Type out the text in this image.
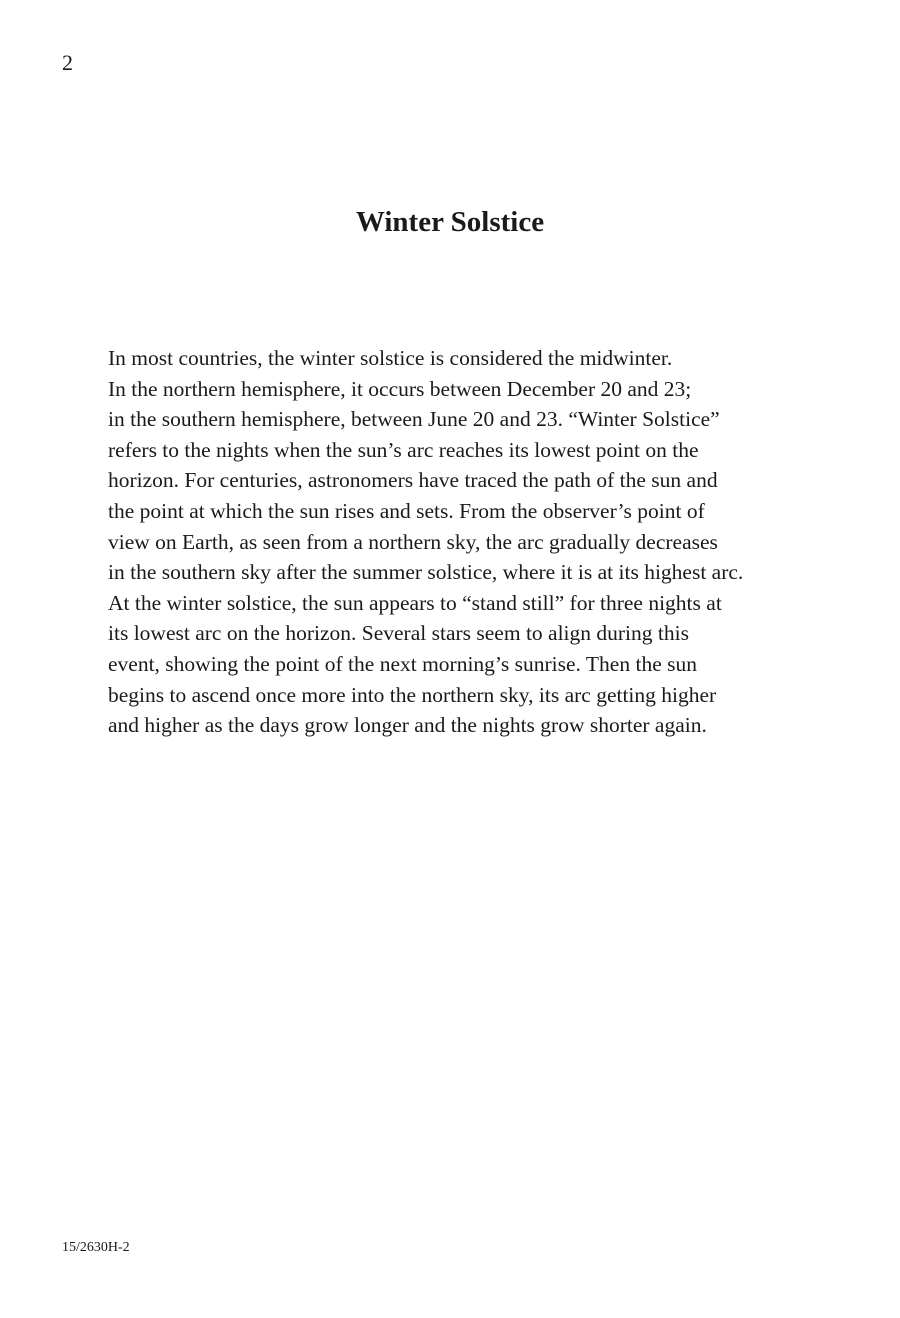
2
Winter Solstice
In most countries, the winter solstice is considered the midwinter.
In the northern hemisphere, it occurs between December 20 and 23;
in the southern hemisphere, between June 20 and 23. “Winter Solstice”
refers to the nights when the sun’s arc reaches its lowest point on the
horizon. For centuries, astronomers have traced the path of the sun and
the point at which the sun rises and sets. From the observer’s point of
view on Earth, as seen from a northern sky, the arc gradually decreases
in the southern sky after the summer solstice, where it is at its highest arc.
At the winter solstice, the sun appears to “stand still” for three nights at
its lowest arc on the horizon. Several stars seem to align during this
event, showing the point of the next morning’s sunrise. Then the sun
begins to ascend once more into the northern sky, its arc getting higher
and higher as the days grow longer and the nights grow shorter again.
15/2630H-2
